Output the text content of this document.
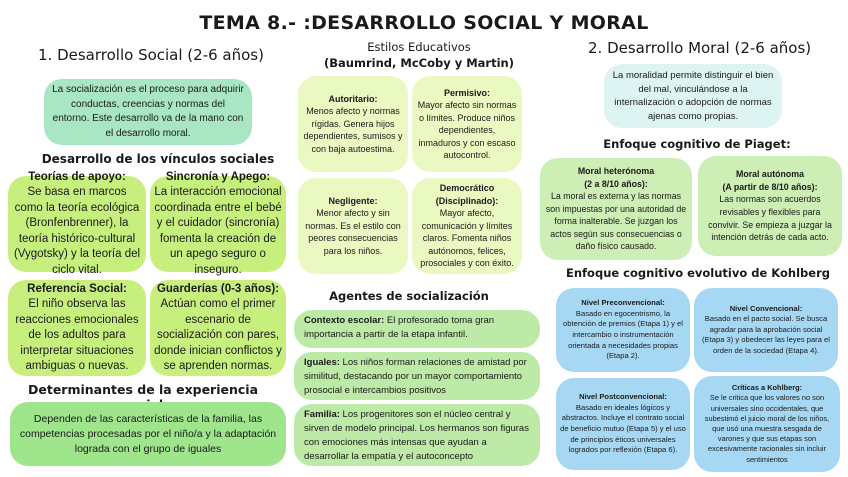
TEMA 8.- :DESARROLLO SOCIAL Y MORAL
1. Desarrollo Social (2-6 años)
La socialización es el proceso para adquirir conductas, creencias y normas del entorno. Este desarrollo va de la mano con el desarrollo moral.
Desarrollo de los vínculos sociales
Teorías de apoyo:
Se basa en marcos como la teoría ecológica (Bronfenbrenner), la teoría histórico-cultural (Vygotsky) y la teoría del ciclo vital.
Sincronía y Apego:
La interacción emocional coordinada entre el bebé y el cuidador (sincronía) fomenta la creación de un apego seguro o inseguro.
Referencia Social:
El niño observa las reacciones emocionales de los adultos para interpretar situaciones ambiguas o nuevas.
Guarderías (0-3 años):
Actúan como el primer escenario de socialización con pares, donde inician conflictos y se aprenden normas.
Determinantes de la experiencia
Dependen de las características de la familia, las competencias procesadas por el niño/a y la adaptación lograda con el grupo de iguales
Estilos Educativos
(Baumrind, McCoby y Martin)
Autoritario:
Menos afecto y normas rígidas. Genera hijos dependientes, sumisos y con baja autoestima.
Permisivo:
Mayor afecto sin normas o límites. Produce niños dependientes, inmaduros y con escaso autocontrol.
Negligente:
Menor afecto y sin normas. Es el estilo con peores consecuencias para los niños.
Democrático (Disciplinado):
Mayor afecto, comunicación y límites claros. Fomenta niños autónomos, felices, prosociales y con éxito.
Agentes de socialización
Contexto escolar: El profesorado toma gran importancia a partir de la etapa infantil.
Iguales: Los niños forman relaciones de amistad por similitud, destacando por un mayor comportamiento prosocial e intercambios positivos
Familia: Los progenitores son el núcleo central y sirven de modelo principal. Los hermanos son figuras con emociones más intensas que ayudan a desarrollar la empatía y el autoconcepto
2. Desarrollo Moral (2-6 años)
La moralidad permite distinguir el bien del mal, vinculándose a la internalización o adopción de normas ajenas como propias.
Enfoque cognitivo de Piaget:
Moral heterónoma
(2 a 8/10 años):
La moral es externa y las normas son impuestas por una autoridad de forma inalterable. Se juzgan los actos según sus consecuencias o daño físico causado.
Moral autónoma
(A partir de 8/10 años):
Las normas son acuerdos revisables y flexibles para convivir. Se empieza a juzgar la intención detrás de cada acto.
Enfoque cognitivo evolutivo de Kohlberg
Nivel Preconvencional:
Basado en egocentrismo, la obtención de premios (Etapa 1) y el intercambio o instrumentación orientada a necesidades propias (Etapa 2).
Nivel Convencional:
Basado en el pacto social. Se busca agradar para la aprobación social (Etapa 3) y obedecer las leyes para el orden de la sociedad (Etapa 4).
Nivel Postconvencional:
Basado en ideales lógicos y abstractos. Incluye el contrato social de beneficio mutuo (Etapa 5) y el uso de principios éticos universales logrados por reflexión (Etapa 6).
Críticas a Kohlberg:
Se le critica que los valores no son universales sino occidentales, que subestimó el juicio moral de los niños, que usó una muestra sesgada de varones y que sus etapas son excesivamente racionales sin incluir sentimientos
